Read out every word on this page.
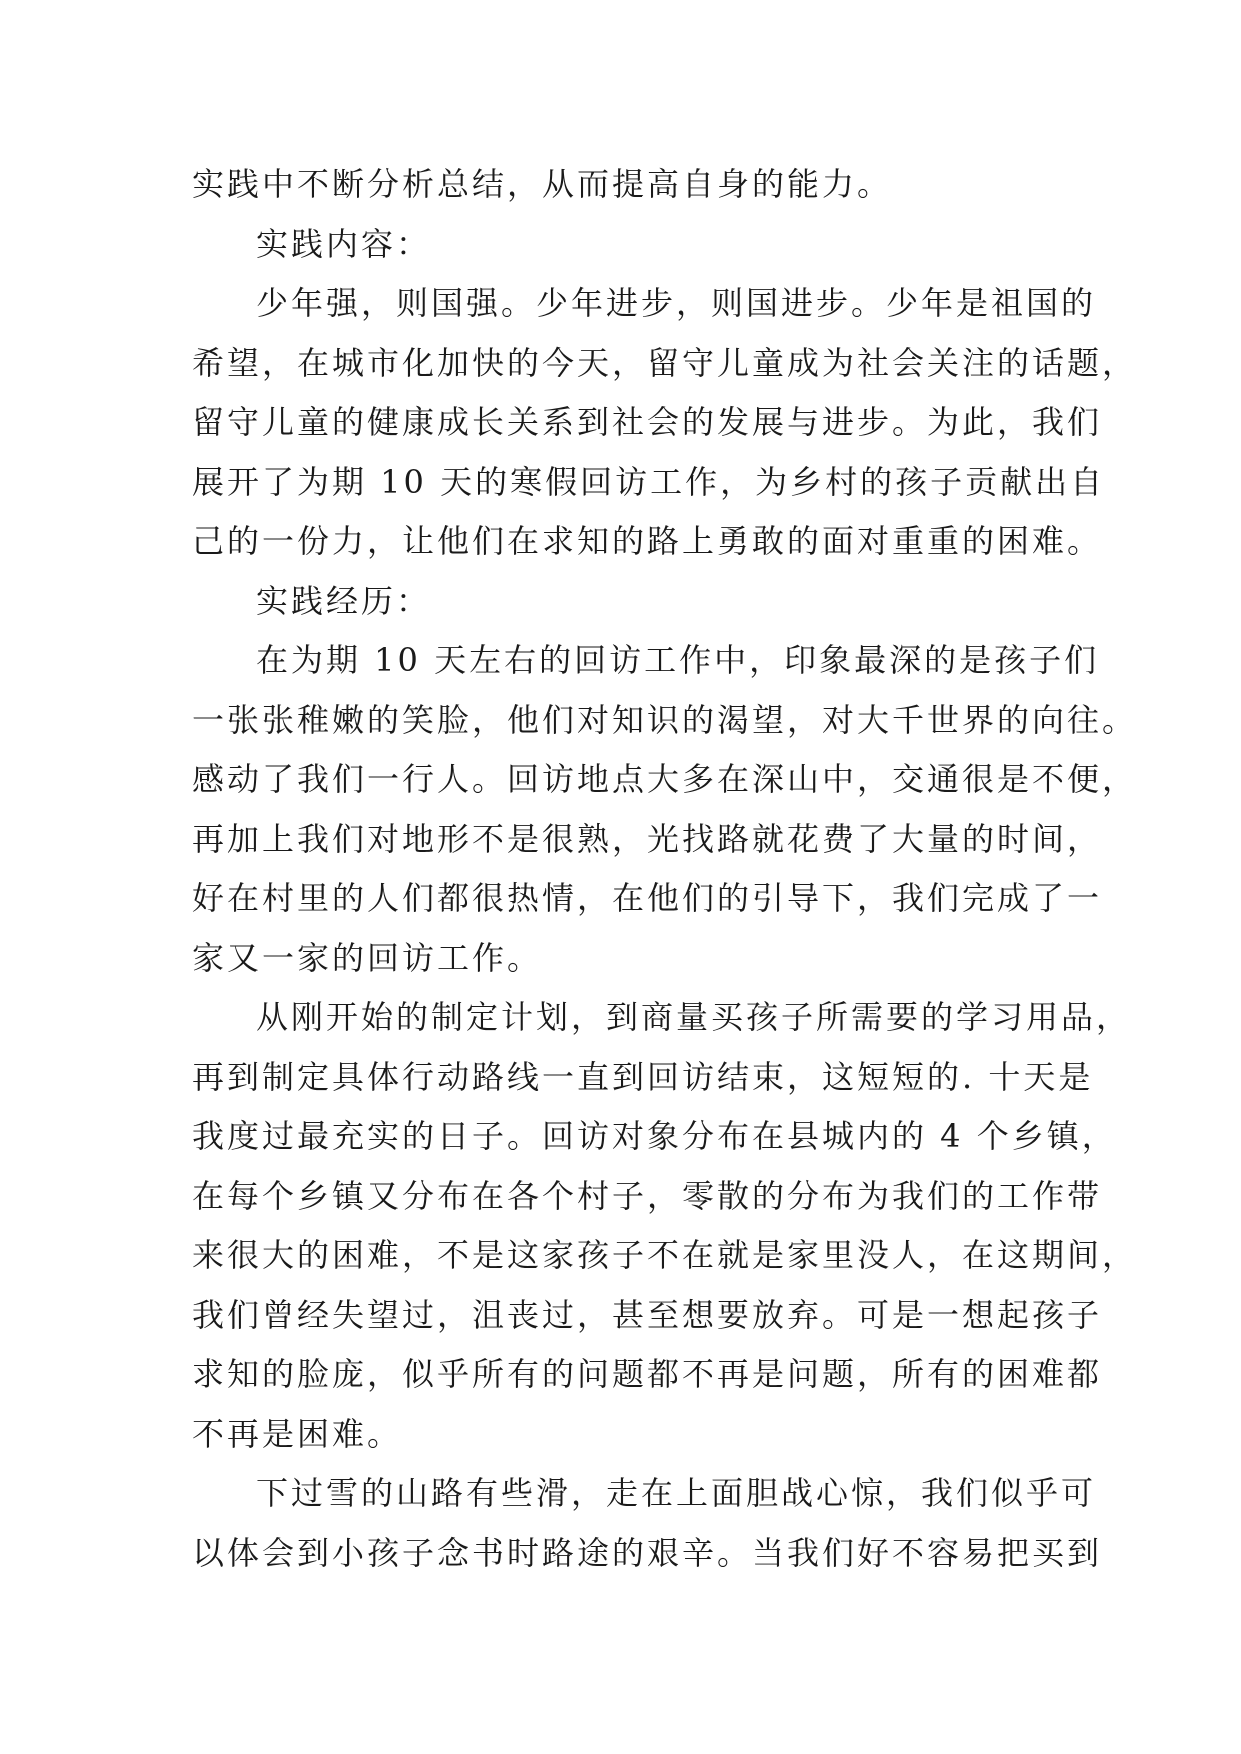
实践中不断分析总结，从而提高自身的能力。
实践内容：
少年强，则国强。少年进步，则国进步。少年是祖国的
希望，在城市化加快的今天，留守儿童成为社会关注的话题，
留守儿童的健康成长关系到社会的发展与进步。为此，我们
展开了为期 10 天的寒假回访工作，为乡村的孩子贡献出自
己的一份力，让他们在求知的路上勇敢的面对重重的困难。
实践经历：
在为期 10 天左右的回访工作中，印象最深的是孩子们
一张张稚嫩的笑脸，他们对知识的渴望，对大千世界的向往。
感动了我们一行人。回访地点大多在深山中，交通很是不便，
再加上我们对地形不是很熟，光找路就花费了大量的时间，
好在村里的人们都很热情，在他们的引导下，我们完成了一
家又一家的回访工作。
从刚开始的制定计划，到商量买孩子所需要的学习用品，
再到制定具体行动路线一直到回访结束，这短短的. 十天是
我度过最充实的日子。回访对象分布在县城内的 4 个乡镇，
在每个乡镇又分布在各个村子，零散的分布为我们的工作带
来很大的困难，不是这家孩子不在就是家里没人，在这期间，
我们曾经失望过，沮丧过，甚至想要放弃。可是一想起孩子
求知的脸庞，似乎所有的问题都不再是问题，所有的困难都
不再是困难。
下过雪的山路有些滑，走在上面胆战心惊，我们似乎可
以体会到小孩子念书时路途的艰辛。当我们好不容易把买到
